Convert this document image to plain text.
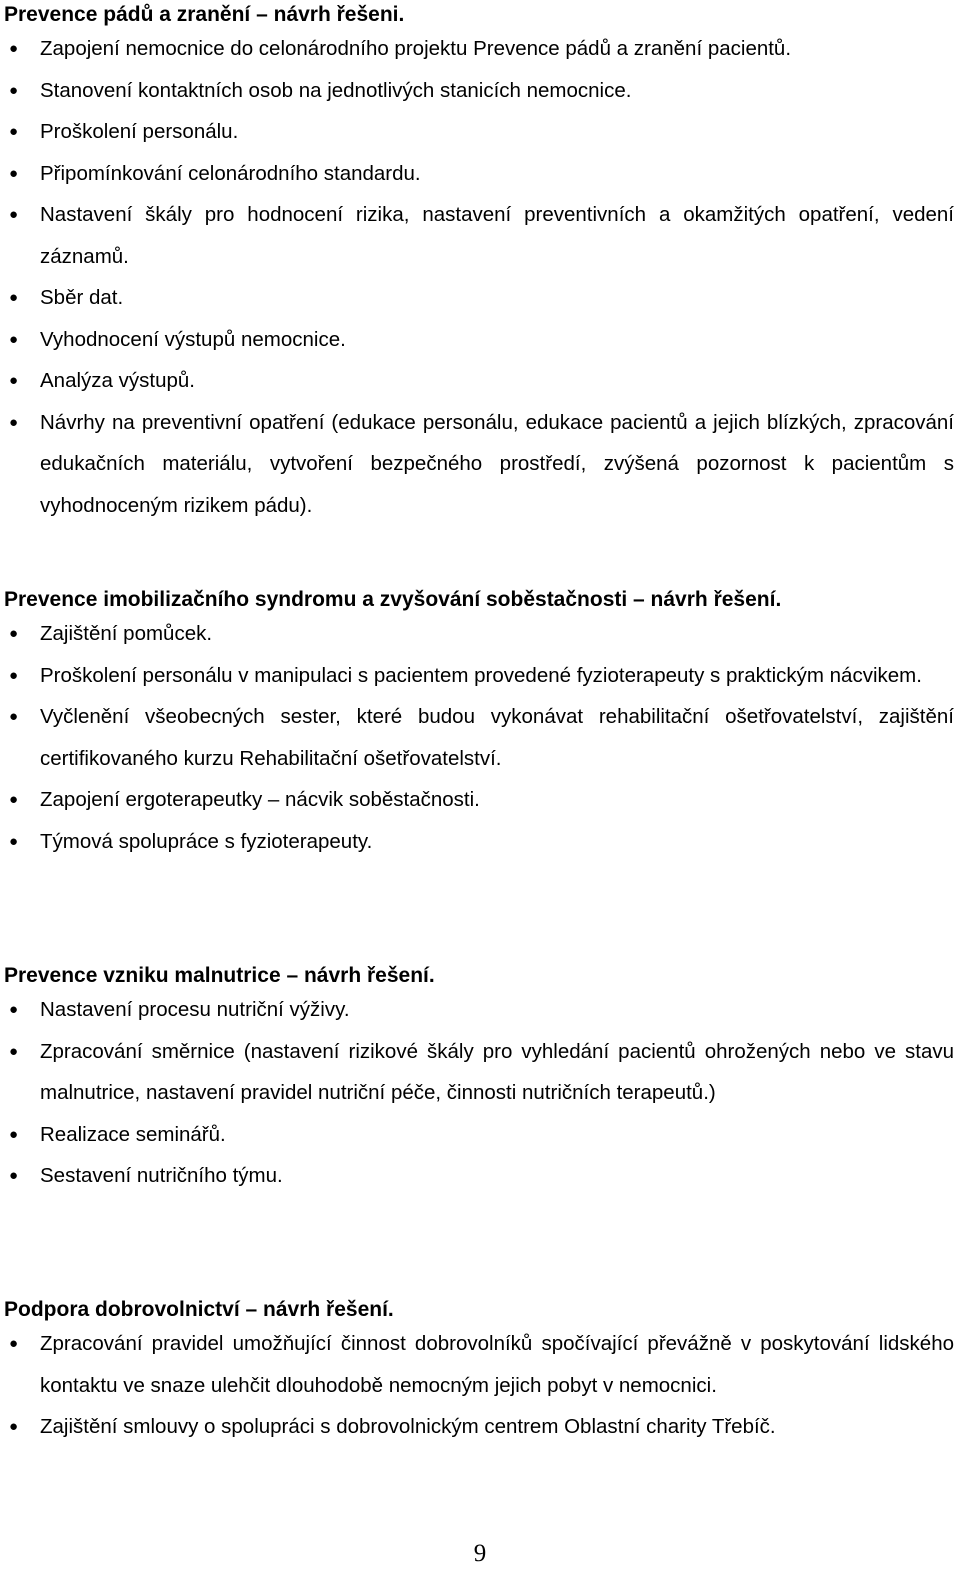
Prevence pádů a zranění – návrh řešeni.
● Zapojení nemocnice do celonárodního projektu Prevence pádů a zranění pacientů.
● Stanovení kontaktních osob na jednotlivých stanicích nemocnice.
● Proškolení personálu.
● Připomínkování celonárodního standardu.
● Nastavení škály pro hodnocení rizika, nastavení preventivních a okamžitých opatření, vedení záznamů.
● Sběr dat.
● Vyhodnocení výstupů nemocnice.
● Analýza výstupů.
● Návrhy na preventivní opatření (edukace personálu, edukace pacientů a jejich blízkých, zpracování edukačních materiálu, vytvoření bezpečného prostředí, zvýšená pozornost k pacientům s vyhodnoceným rizikem pádu).
Prevence imobilizačního syndromu a zvyšování soběstačnosti – návrh řešení.
● Zajištění pomůcek.
● Proškolení personálu v manipulaci s pacientem provedené fyzioterapeuty s praktickým nácvikem.
● Vyčlenění všeobecných sester, které budou vykonávat rehabilitační ošetřovatelství, zajištění certifikovaného kurzu Rehabilitační ošetřovatelství.
● Zapojení ergoterapeutky – nácvik soběstačnosti.
● Týmová spolupráce s fyzioterapeuty.
Prevence vzniku malnutrice – návrh řešení.
● Nastavení procesu nutriční výživy.
● Zpracování směrnice (nastavení rizikové škály pro vyhledání pacientů ohrožených nebo ve stavu malnutrice, nastavení pravidel nutriční péče, činnosti nutričních terapeutů.)
● Realizace seminářů.
● Sestavení nutričního týmu.
Podpora dobrovolnictví – návrh řešení.
● Zpracování pravidel umožňující činnost dobrovolníků spočívající převážně v poskytování lidského kontaktu ve snaze ulehčit dlouhodobě nemocným jejich pobyt v nemocnici.
● Zajištění smlouvy o spolupráci s dobrovolnickým centrem Oblastní charity Třebíč.
9
